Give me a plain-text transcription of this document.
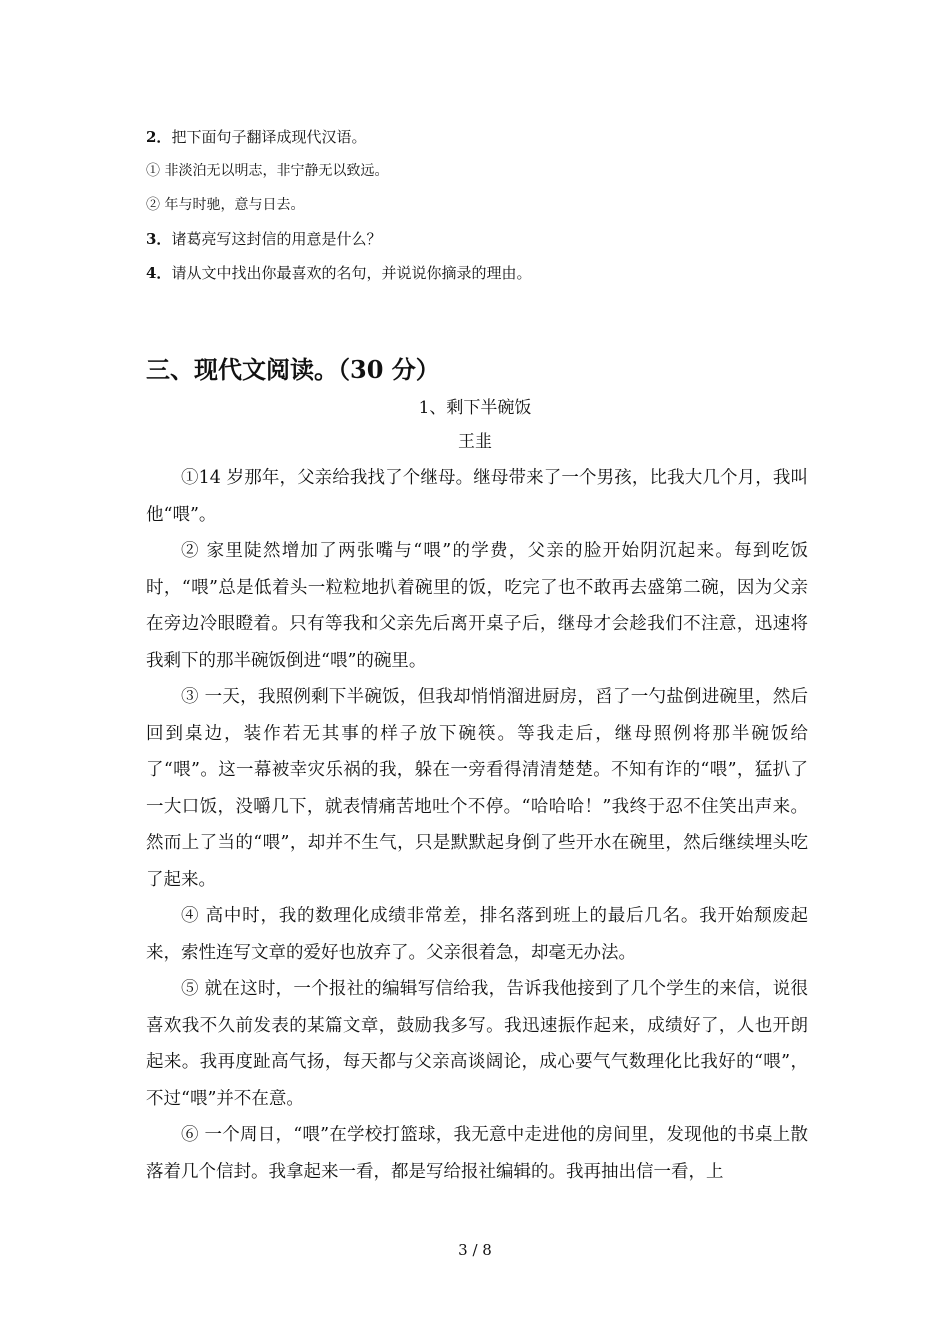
2．把下面句子翻译成现代汉语。
① 非淡泊无以明志，非宁静无以致远。
② 年与时驰，意与日去。
3．诸葛亮写这封信的用意是什么？
4．请从文中找出你最喜欢的名句，并说说你摘录的理由。
三、现代文阅读。（30 分）
1、剩下半碗饭
王韭

①14 岁那年，父亲给我找了个继母。继母带来了一个男孩，比我大几个月，我叫他“喂”。

② 家里陡然增加了两张嘴与“喂”的学费，父亲的脸开始阴沉起来。每到吃饭时，“喂”总是低着头一粒粒地扒着碗里的饭，吃完了也不敢再去盛第二碗，因为父亲在旁边冷眼瞪着。只有等我和父亲先后离开桌子后，继母才会趁我们不注意，迅速将我剩下的那半碗饭倒进“喂”的碗里。

③ 一天，我照例剩下半碗饭，但我却悄悄溜进厨房，舀了一勺盐倒进碗里，然后回到桌边，装作若无其事的样子放下碗筷。等我走后，继母照例将那半碗饭给了“喂”。这一幕被幸灾乐祸的我，躲在一旁看得清清楚楚。不知有诈的“喂”，猛扒了一大口饭，没嚼几下，就表情痛苦地吐个不停。“哈哈哈！”我终于忍不住笑出声来。然而上了当的“喂”，却并不生气，只是默默起身倒了些开水在碗里，然后继续埋头吃了起来。

④ 高中时，我的数理化成绩非常差，排名落到班上的最后几名。我开始颓废起来，索性连写文章的爱好也放弃了。父亲很着急，却毫无办法。

⑤ 就在这时，一个报社的编辑写信给我，告诉我他接到了几个学生的来信，说很喜欢我不久前发表的某篇文章，鼓励我多写。我迅速振作起来，成绩好了，人也开朗起来。我再度趾高气扬，每天都与父亲高谈阔论，成心要气气数理化比我好的“喂”，不过“喂”并不在意。

⑥ 一个周日，“喂”在学校打篮球，我无意中走进他的房间里，发现他的书桌上散落着几个信封。我拿起来一看，都是写给报社编辑的。我再抽出信一看，上

3 / 8
